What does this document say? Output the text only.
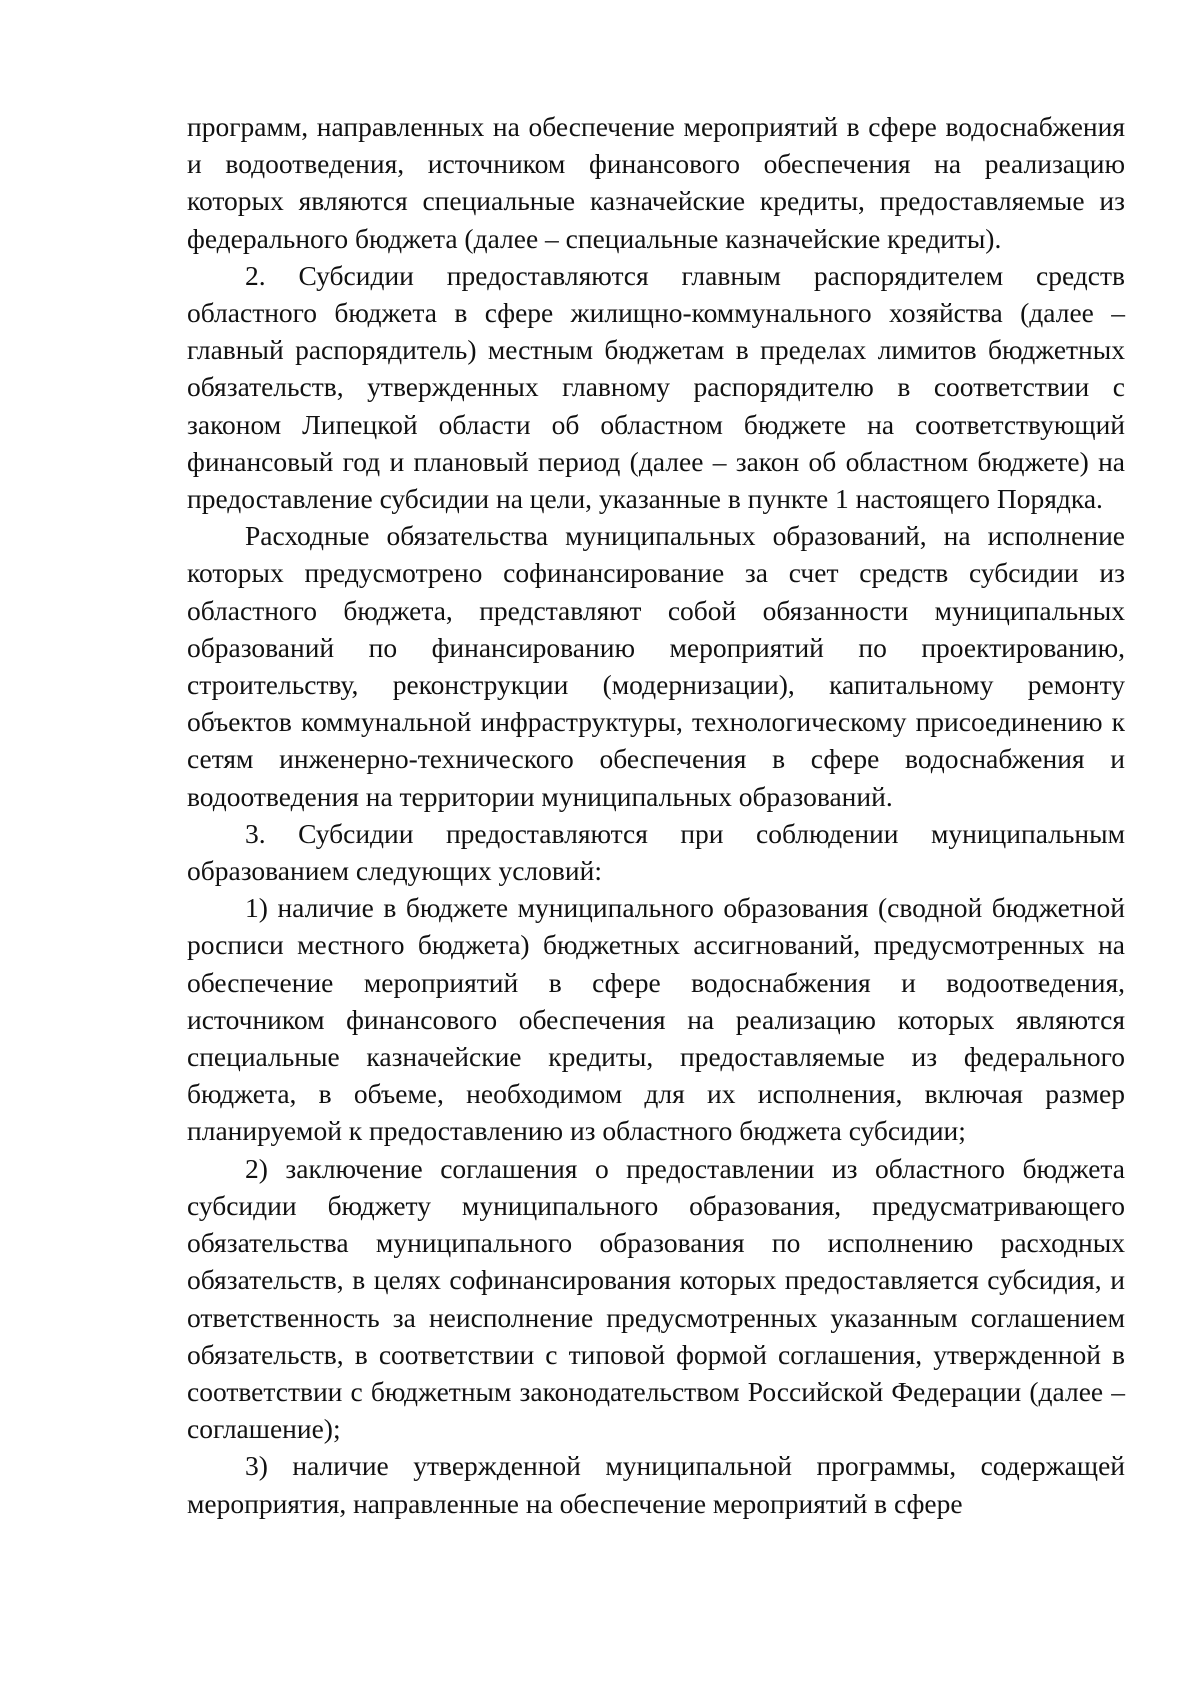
программ, направленных на обеспечение мероприятий в сфере водоснабжения и водоотведения, источником финансового обеспечения на реализацию которых являются специальные казначейские кредиты, предоставляемые из федерального бюджета (далее – специальные казначейские кредиты).

2. Субсидии предоставляются главным распорядителем средств областного бюджета в сфере жилищно-коммунального хозяйства (далее – главный распорядитель) местным бюджетам в пределах лимитов бюджетных обязательств, утвержденных главному распорядителю в соответствии с законом Липецкой области об областном бюджете на соответствующий финансовый год и плановый период (далее – закон об областном бюджете) на предоставление субсидии на цели, указанные в пункте 1 настоящего Порядка.

Расходные обязательства муниципальных образований, на исполнение которых предусмотрено софинансирование за счет средств субсидии из областного бюджета, представляют собой обязанности муниципальных образований по финансированию мероприятий по проектированию, строительству, реконструкции (модернизации), капитальному ремонту объектов коммунальной инфраструктуры, технологическому присоединению к сетям инженерно-технического обеспечения в сфере водоснабжения и водоотведения на территории муниципальных образований.

3. Субсидии предоставляются при соблюдении муниципальным образованием следующих условий:

1) наличие в бюджете муниципального образования (сводной бюджетной росписи местного бюджета) бюджетных ассигнований, предусмотренных на обеспечение мероприятий в сфере водоснабжения и водоотведения, источником финансового обеспечения на реализацию которых являются специальные казначейские кредиты, предоставляемые из федерального бюджета, в объеме, необходимом для их исполнения, включая размер планируемой к предоставлению из областного бюджета субсидии;

2) заключение соглашения о предоставлении из областного бюджета субсидии бюджету муниципального образования, предусматривающего обязательства муниципального образования по исполнению расходных обязательств, в целях софинансирования которых предоставляется субсидия, и ответственность за неисполнение предусмотренных указанным соглашением обязательств, в соответствии с типовой формой соглашения, утвержденной в соответствии с бюджетным законодательством Российской Федерации (далее – соглашение);

3) наличие утвержденной муниципальной программы, содержащей мероприятия, направленные на обеспечение мероприятий в сфере
